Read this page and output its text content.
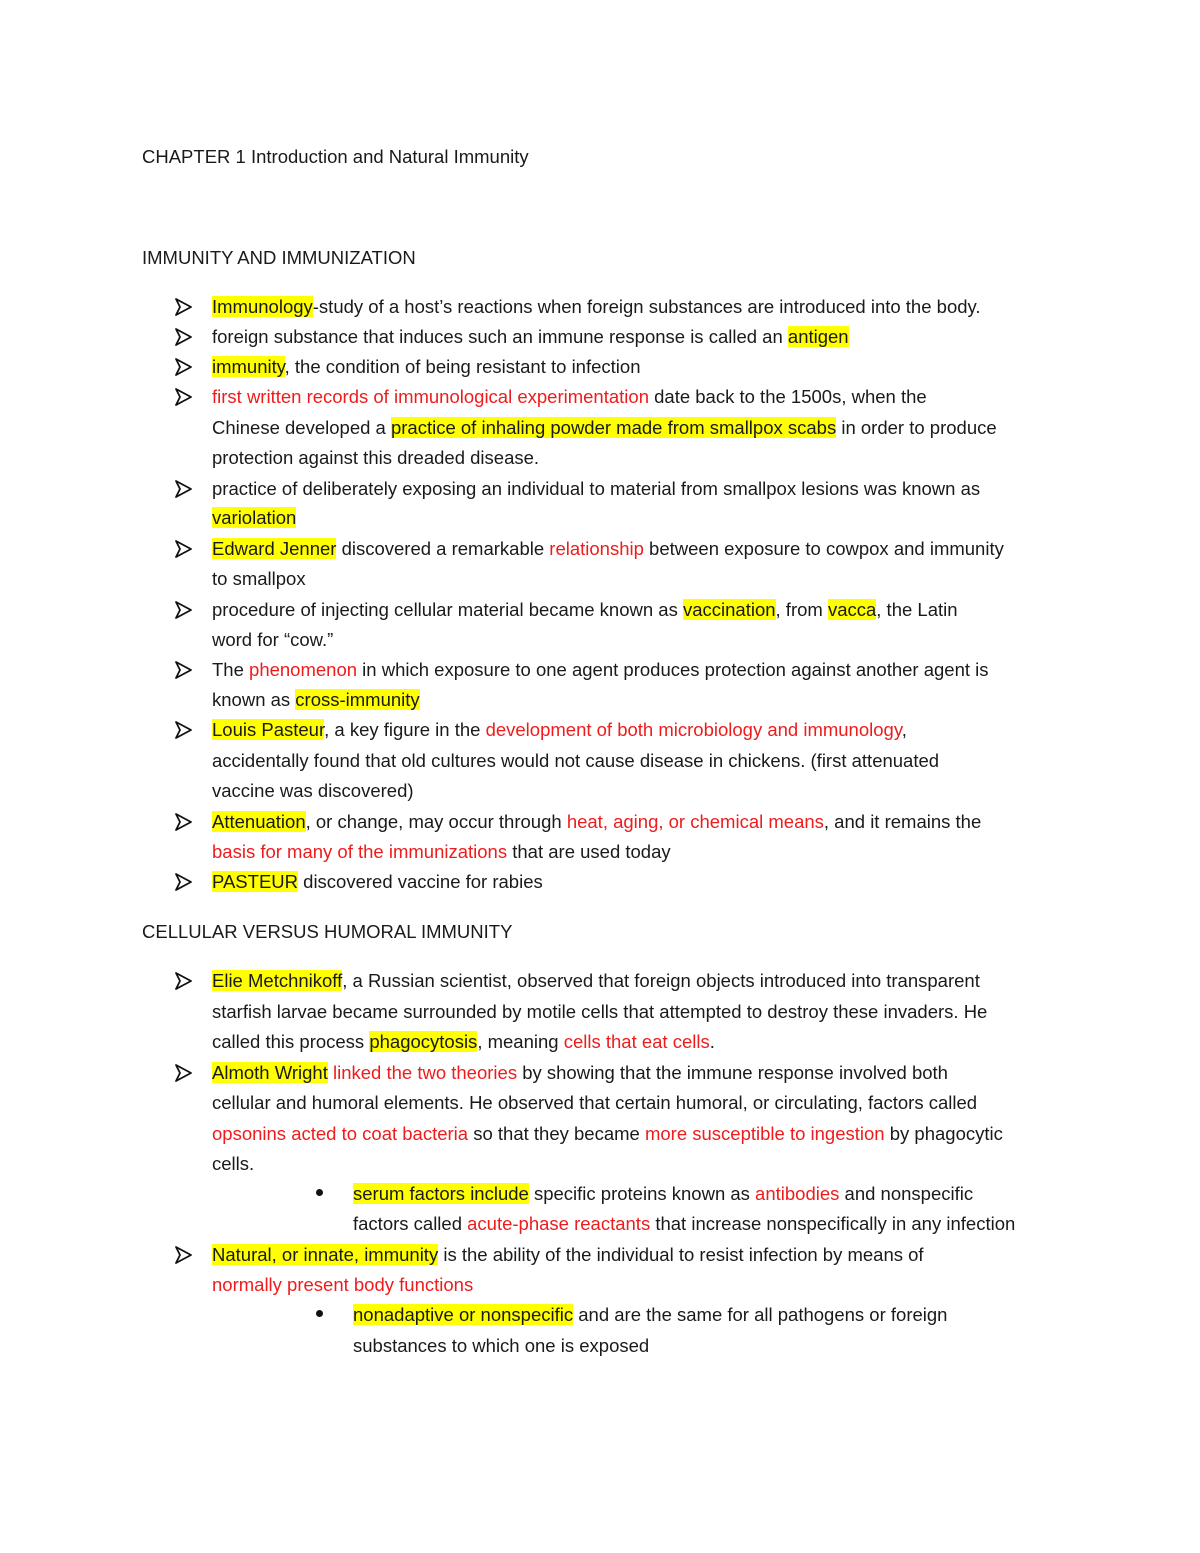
CHAPTER 1 Introduction and Natural Immunity
IMMUNITY AND IMMUNIZATION
Immunology-study of a host’s reactions when foreign substances are introduced into the body.
foreign substance that induces such an immune response is called an antigen
immunity, the condition of being resistant to infection
first written records of immunological experimentation date back to the 1500s, when the
Chinese developed a practice of inhaling powder made from smallpox scabs in order to produce
protection against this dreaded disease.
practice of deliberately exposing an individual to material from smallpox lesions was known as
variolation
Edward Jenner discovered a remarkable relationship between exposure to cowpox and immunity
to smallpox
procedure of injecting cellular material became known as vaccination, from vacca, the Latin
word for “cow.”
The phenomenon in which exposure to one agent produces protection against another agent is
known as cross-immunity
Louis Pasteur, a key figure in the development of both microbiology and immunology,
accidentally found that old cultures would not cause disease in chickens. (first attenuated
vaccine was discovered)
Attenuation, or change, may occur through heat, aging, or chemical means, and it remains the
basis for many of the immunizations that are used today
PASTEUR discovered vaccine for rabies
CELLULAR VERSUS HUMORAL IMMUNITY
Elie Metchnikoff, a Russian scientist, observed that foreign objects introduced into transparent
starfish larvae became surrounded by motile cells that attempted to destroy these invaders. He
called this process phagocytosis, meaning cells that eat cells.
Almoth Wright linked the two theories by showing that the immune response involved both
cellular and humoral elements. He observed that certain humoral, or circulating, factors called
opsonins acted to coat bacteria so that they became more susceptible to ingestion by phagocytic
cells.
serum factors include specific proteins known as antibodies and nonspecific
factors called acute-phase reactants that increase nonspecifically in any infection
Natural, or innate, immunity is the ability of the individual to resist infection by means of
normally present body functions
nonadaptive or nonspecific and are the same for all pathogens or foreign
substances to which one is exposed
